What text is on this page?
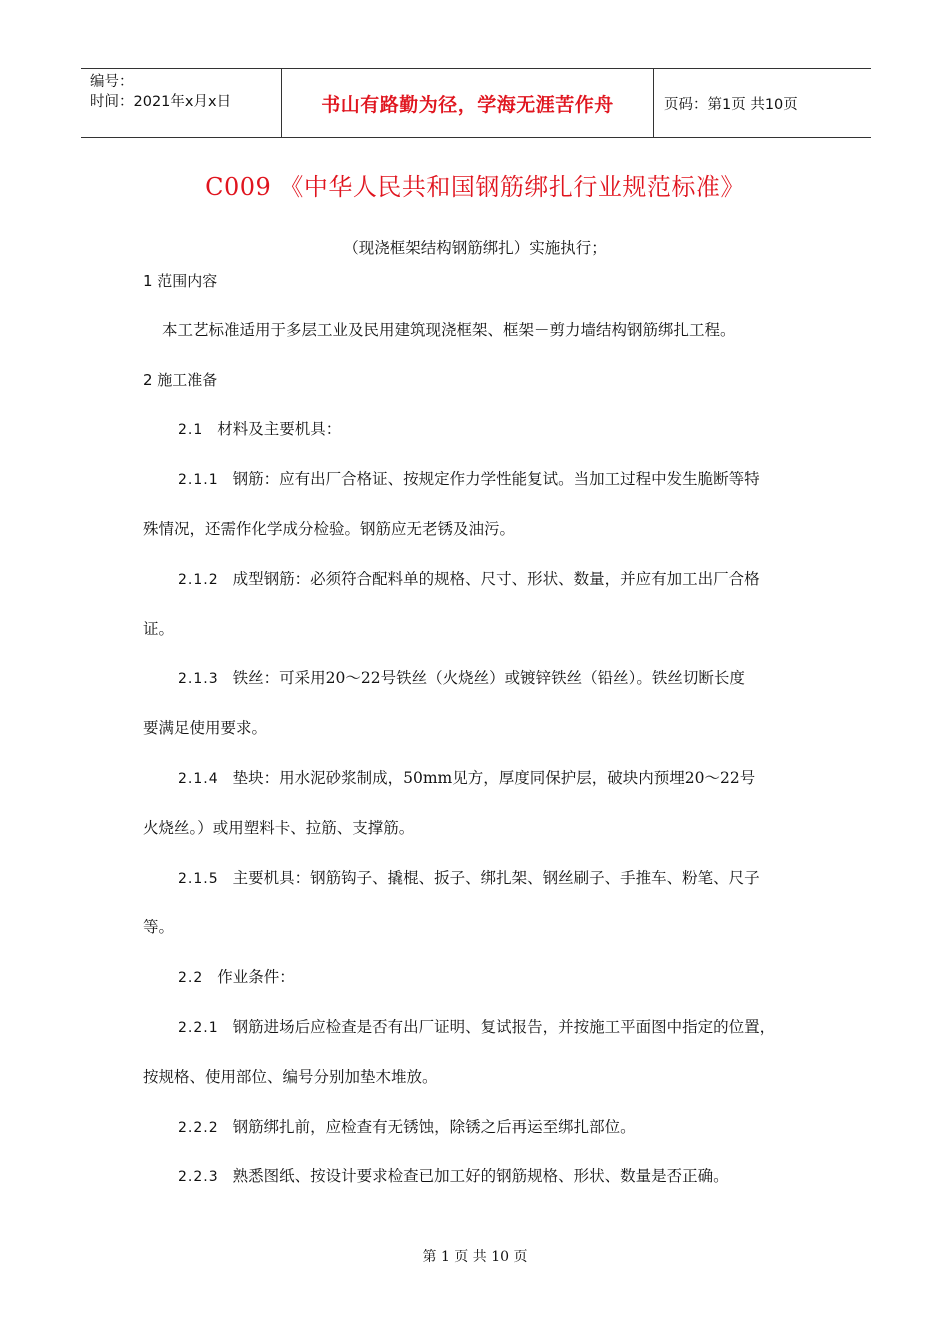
编号：
时间：2021年x月x日	书山有路勤为径，学海无涯苦作舟	页码：第1页 共10页
C009 《中华人民共和国钢筋绑扎行业规范标准》
（现浇框架结构钢筋绑扎）实施执行；
1 范围内容
本工艺标准适用于多层工业及民用建筑现浇框架、框架－剪力墙结构钢筋绑扎工程。
2 施工准备
2.1 材料及主要机具：
2.1.1 钢筋：应有出厂合格证、按规定作力学性能复试。当加工过程中发生脆断等特
殊情况，还需作化学成分检验。钢筋应无老锈及油污。
2.1.2 成型钢筋：必须符合配料单的规格、尺寸、形状、数量，并应有加工出厂合格
证。
2.1.3 铁丝：可采用20～22号铁丝（火烧丝）或镀锌铁丝（铅丝）。铁丝切断长度
要满足使用要求。
2.1.4 垫块：用水泥砂浆制成，50mm见方，厚度同保护层，破块内预埋20～22号
火烧丝。）或用塑料卡、拉筋、支撑筋。
2.1.5 主要机具：钢筋钩子、撬棍、扳子、绑扎架、钢丝刷子、手推车、粉笔、尺子
等。
2.2 作业条件：
2.2.1 钢筋进场后应检查是否有出厂证明、复试报告，并按施工平面图中指定的位置，
按规格、使用部位、编号分别加垫木堆放。
2.2.2 钢筋绑扎前，应检查有无锈蚀，除锈之后再运至绑扎部位。
2.2.3 熟悉图纸、按设计要求检查已加工好的钢筋规格、形状、数量是否正确。
第 1 页 共 10 页
